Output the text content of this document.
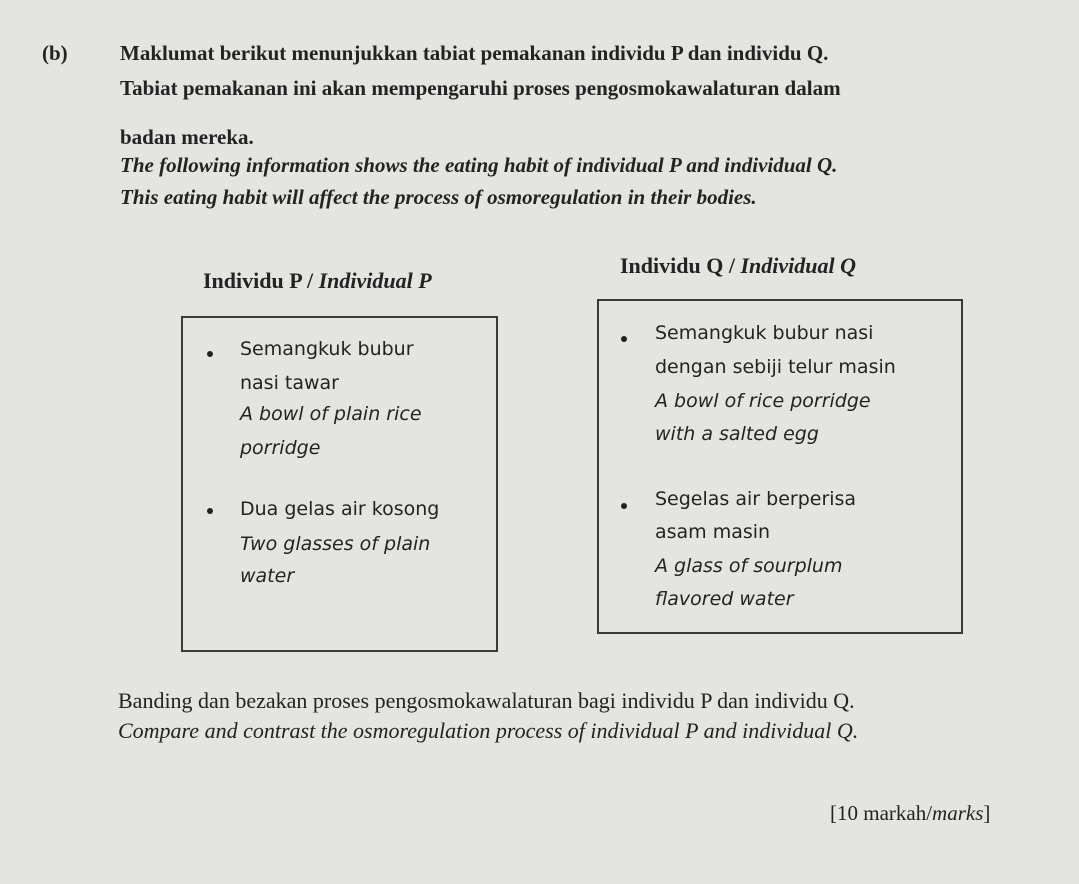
(b) Maklumat berikut menunjukkan tabiat pemakanan individu P dan individu Q.
Tabiat pemakanan ini akan mempengaruhi proses pengosmokawalaturan dalam
badan mereka.
The following information shows the eating habit of individual P and individual Q.
This eating habit will affect the process of osmoregulation in their bodies.
Individu P / Individual P
Individu Q / Individual Q
Semangkuk bubur
nasi tawar
A bowl of plain rice
porridge
Dua gelas air kosong
Two glasses of plain
water
Semangkuk bubur nasi
dengan sebiji telur masin
A bowl of rice porridge
with a salted egg
Segelas air berperisa
asam masin
A glass of sourplum
flavored water
Banding dan bezakan proses pengosmokawalaturan bagi individu P dan individu Q.
Compare and contrast the osmoregulation process of individual P and individual Q.
[10 markah/marks]
